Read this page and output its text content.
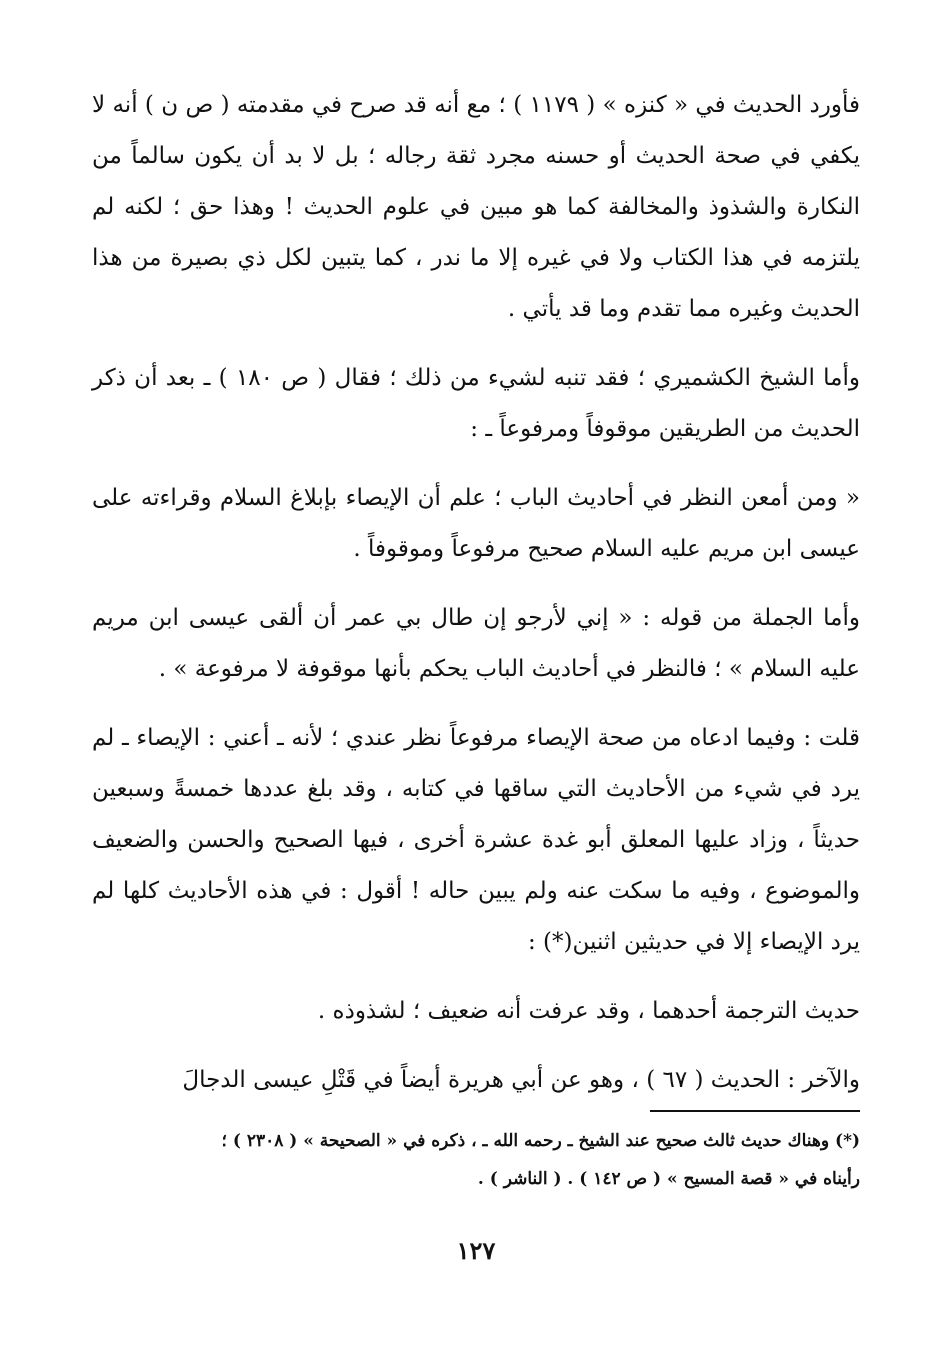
فأورد الحديث في « كنزه » ( ١١٧٩ ) ؛ مع أنه قد صرح في مقدمته ( ص ن ) أنه لا يكفي في صحة الحديث أو حسنه مجرد ثقة رجاله ؛ بل لا بد أن يكون سالماً من النكارة والشذوذ والمخالفة كما هو مبين في علوم الحديث ! وهذا حق ؛ لكنه لم يلتزمه في هذا الكتاب ولا في غيره إلا ما ندر ، كما يتبين لكل ذي بصيرة من هذا الحديث وغيره مما تقدم وما قد يأتي .

وأما الشيخ الكشميري ؛ فقد تنبه لشيء من ذلك ؛ فقال ( ص ١٨٠ ) ـ بعد أن ذكر الحديث من الطريقين موقوفاً ومرفوعاً ـ :

« ومن أمعن النظر في أحاديث الباب ؛ علم أن الإيصاء بإبلاغ السلام وقراءته على عيسى ابن مريم عليه السلام صحيح مرفوعاً وموقوفاً .

وأما الجملة من قوله : « إني لأرجو إن طال بي عمر أن ألقى عيسى ابن مريم عليه السلام » ؛ فالنظر في أحاديث الباب يحكم بأنها موقوفة لا مرفوعة » .

قلت : وفيما ادعاه من صحة الإيصاء مرفوعاً نظر عندي ؛ لأنه ـ أعني : الإيصاء ـ لم يرد في شيء من الأحاديث التي ساقها في كتابه ، وقد بلغ عددها خمسةً وسبعين حديثاً ، وزاد عليها المعلق أبو غدة عشرة أخرى ، فيها الصحيح والحسن والضعيف والموضوع ، وفيه ما سكت عنه ولم يبين حاله ! أقول : في هذه الأحاديث كلها لم يرد الإيصاء إلا في حديثين اثنين(*) :

حديث الترجمة أحدهما ، وقد عرفت أنه ضعيف ؛ لشذوذه .

والآخر : الحديث ( ٦٧ ) ، وهو عن أبي هريرة أيضاً في قَتْلِ عيسى الدجالَ

(*) وهناك حديث ثالث صحيح عند الشيخ ـ رحمه الله ـ ، ذكره في « الصحيحة » ( ٢٣٠٨ ) ؛

رأيناه في « قصة المسيح » ( ص ١٤٢ ) . ( الناشر ) .

١٢٧
